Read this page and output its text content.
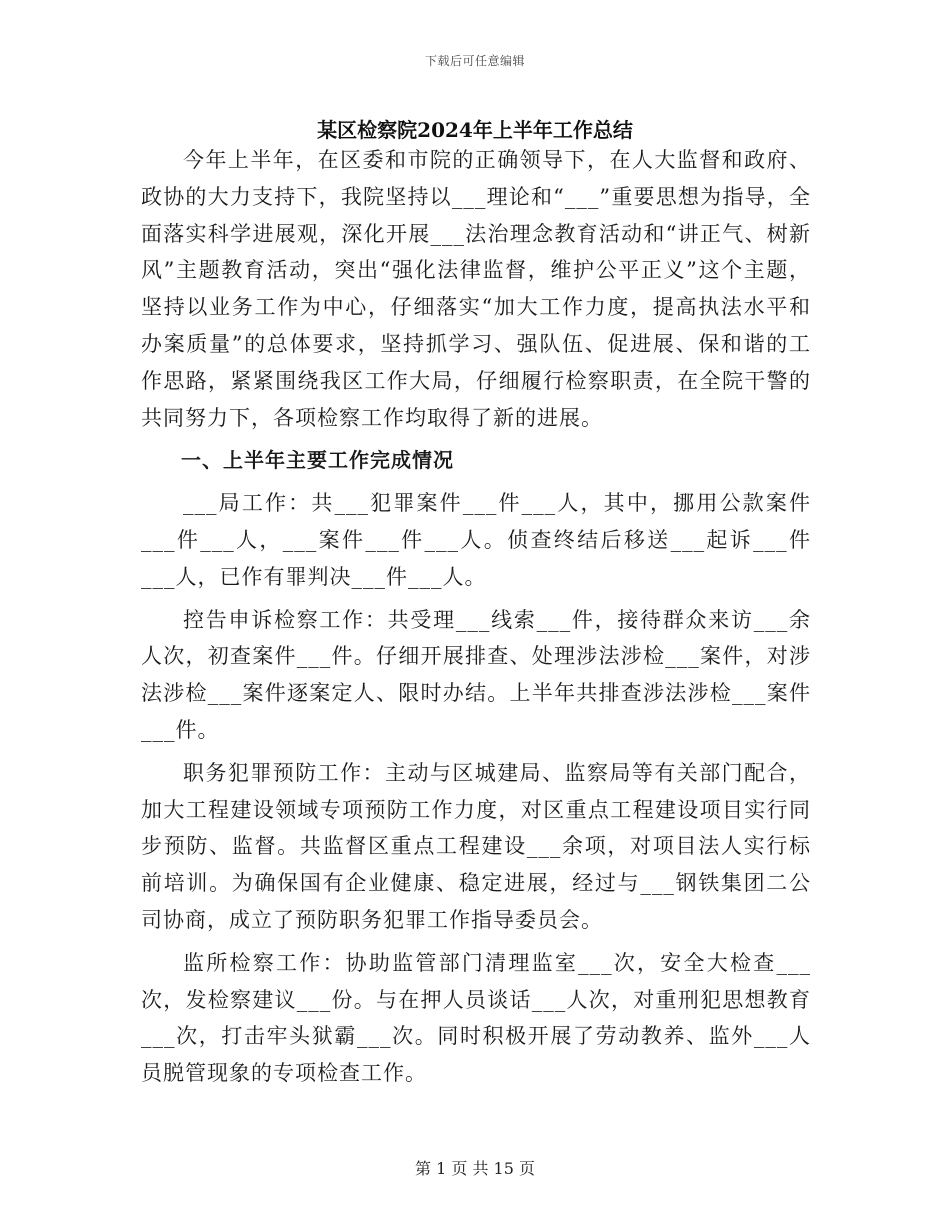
下载后可任意编辑
某区检察院2024年上半年工作总结

今年上半年，在区委和市院的正确领导下，在人大监督和政府、政协的大力支持下，我院坚持以___理论和“___”重要思想为指导，全面落实科学进展观，深化开展___法治理念教育活动和“讲正气、树新风”主题教育活动，突出“强化法律监督，维护公平正义”这个主题，坚持以业务工作为中心，仔细落实“加大工作力度，提高执法水平和办案质量”的总体要求，坚持抓学习、强队伍、促进展、保和谐的工作思路，紧紧围绕我区工作大局，仔细履行检察职责，在全院干警的共同努力下，各项检察工作均取得了新的进展。

一、上半年主要工作完成情况

___局工作：共___犯罪案件___件___人，其中，挪用公款案件___件___人，___案件___件___人。侦查终结后移送___起诉___件___人，已作有罪判决___件___人。

控告申诉检察工作：共受理___线索___件，接待群众来访___余人次，初查案件___件。仔细开展排查、处理涉法涉检___案件，对涉法涉检___案件逐案定人、限时办结。上半年共排查涉法涉检___案件___件。

职务犯罪预防工作：主动与区城建局、监察局等有关部门配合，加大工程建设领域专项预防工作力度，对区重点工程建设项目实行同步预防、监督。共监督区重点工程建设___余项，对项目法人实行标前培训。为确保国有企业健康、稳定进展，经过与___钢铁集团二公司协商，成立了预防职务犯罪工作指导委员会。

监所检察工作：协助监管部门清理监室___次，安全大检查___次，发检察建议___份。与在押人员谈话___人次，对重刑犯思想教育___次，打击牢头狱霸___次。同时积极开展了劳动教养、监外___人员脱管现象的专项检查工作。

第 1 页 共 15 页
